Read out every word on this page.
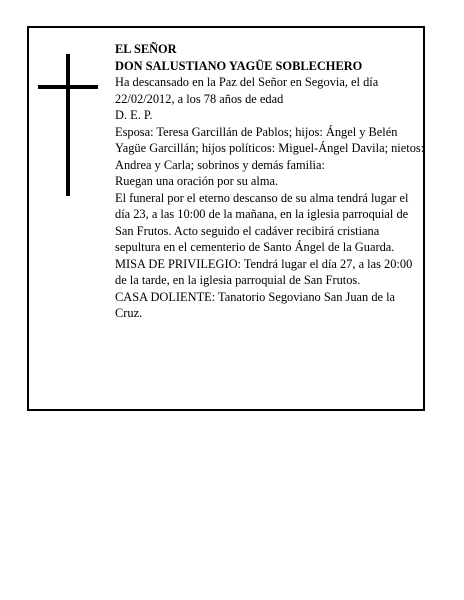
EL SEÑOR

DON SALUSTIANO YAGÜE SOBLECHERO

Ha descansado en la Paz del Señor en Segovia, el día 22/02/2012, a los 78 años de edad

D. E. P.

Esposa: Teresa Garcillán de Pablos; hijos: Ángel y Belén Yagüe Garcillán; hijos políticos: Miguel-Ángel Davila; nietos: Andrea y Carla; sobrinos y demás familia:

Ruegan una oración por su alma.

El funeral por el eterno descanso de su alma tendrá lugar el día 23, a las 10:00 de la mañana, en la iglesia parroquial de San Frutos. Acto seguido el cadáver recibirá cristiana sepultura en el cementerio de Santo Ángel de la Guarda.

MISA DE PRIVILEGIO: Tendrá lugar el día 27, a las 20:00 de la tarde, en la iglesia parroquial de San Frutos.

CASA DOLIENTE: Tanatorio Segoviano San Juan de la Cruz.
